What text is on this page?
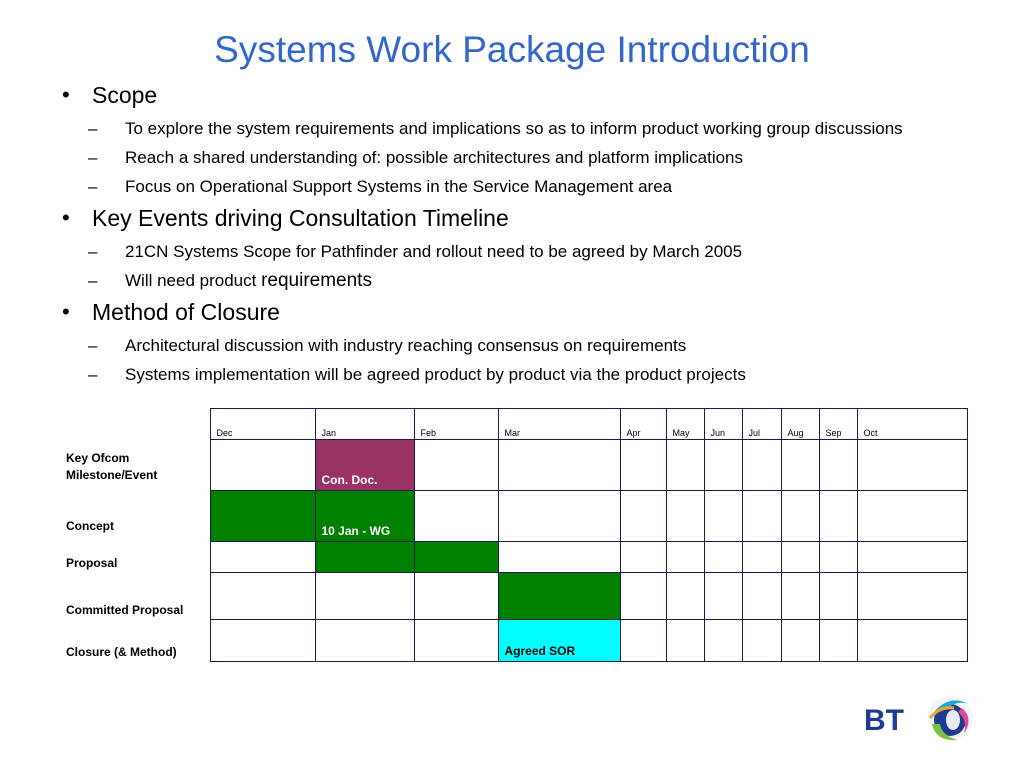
Systems Work Package Introduction
• Scope
– To explore the system requirements and implications so as to inform product working group discussions
– Reach a shared understanding of: possible architectures and platform implications
– Focus on Operational Support Systems in the Service Management area
• Key Events driving Consultation Timeline
– 21CN Systems Scope for Pathfinder and rollout need to be agreed by March 2005
– Will need product requirements
• Method of Closure
– Architectural discussion with industry reaching consensus on requirements
– Systems implementation will be agreed product by product via the product projects
	Dec	Jan	Feb	Mar	Apr	May	Jun	Jul	Aug	Sep	Oct
Key Ofcom Milestone/Event		Con. Doc.									
Concept		10 Jan - WG									
Proposal											
Committed Proposal											
Closure (& Method)				Agreed SOR							
BT
